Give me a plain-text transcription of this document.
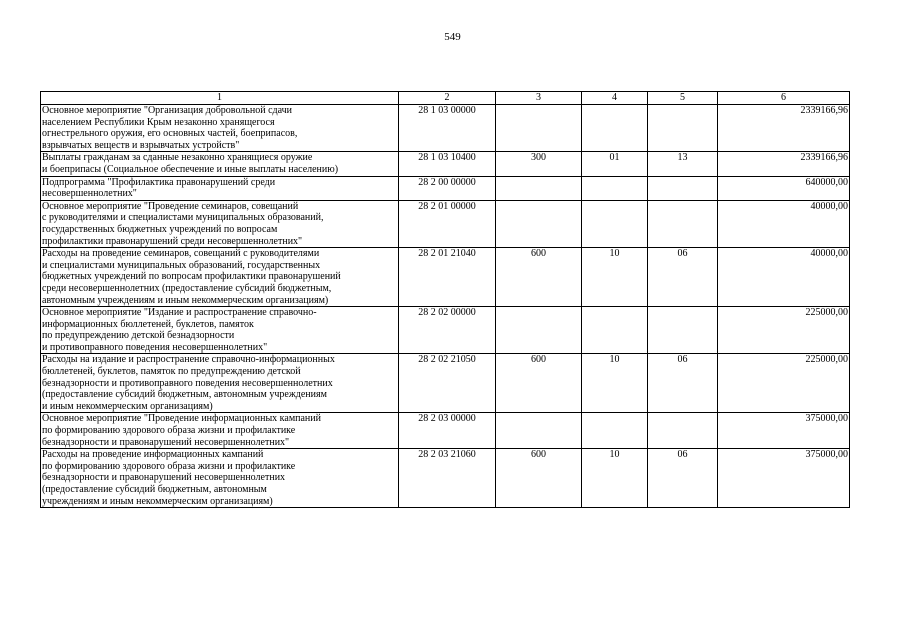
549
1	2	3	4	5	6
Основное мероприятие "Организация добровольной сдачи
населением Республики Крым незаконно хранящегося
огнестрельного оружия, его основных частей, боеприпасов,
взрывчатых веществ и взрывчатых устройств"	28 1 03 00000				2339166,96
Выплаты гражданам за сданные незаконно хранящиеся оружие
и боеприпасы (Социальное обеспечение и иные выплаты населению)	28 1 03 10400	300	01	13	2339166,96
Подпрограмма "Профилактика правонарушений среди
несовершеннолетних"	28 2 00 00000				640000,00
Основное мероприятие "Проведение семинаров, совещаний
с руководителями и специалистами муниципальных образований,
государственных бюджетных учреждений по вопросам
профилактики правонарушений среди несовершеннолетних"	28 2 01 00000				40000,00
Расходы на проведение семинаров, совещаний с руководителями
и специалистами муниципальных образований, государственных
бюджетных учреждений по вопросам профилактики правонарушений
среди несовершеннолетних (предоставление субсидий бюджетным,
автономным учреждениям и иным некоммерческим организациям)	28 2 01 21040	600	10	06	40000,00
Основное мероприятие "Издание и распространение справочно-
информационных бюллетеней, буклетов, памяток
по предупреждению детской безнадзорности
и противоправного поведения несовершеннолетних"	28 2 02 00000				225000,00
Расходы на издание и распространение справочно-информационных
бюллетеней, буклетов, памяток по предупреждению детской
безнадзорности и противоправного поведения несовершеннолетних
(предоставление субсидий бюджетным, автономным учреждениям
и иным некоммерческим организациям)	28 2 02 21050	600	10	06	225000,00
Основное мероприятие "Проведение информационных кампаний
по формированию здорового образа жизни и профилактике
безнадзорности и правонарушений несовершеннолетних"	28 2 03 00000				375000,00
Расходы на проведение информационных кампаний
по формированию здорового образа жизни и профилактике
безнадзорности и правонарушений несовершеннолетних
(предоставление субсидий бюджетным, автономным
учреждениям и иным некоммерческим организациям)	28 2 03 21060	600	10	06	375000,00
